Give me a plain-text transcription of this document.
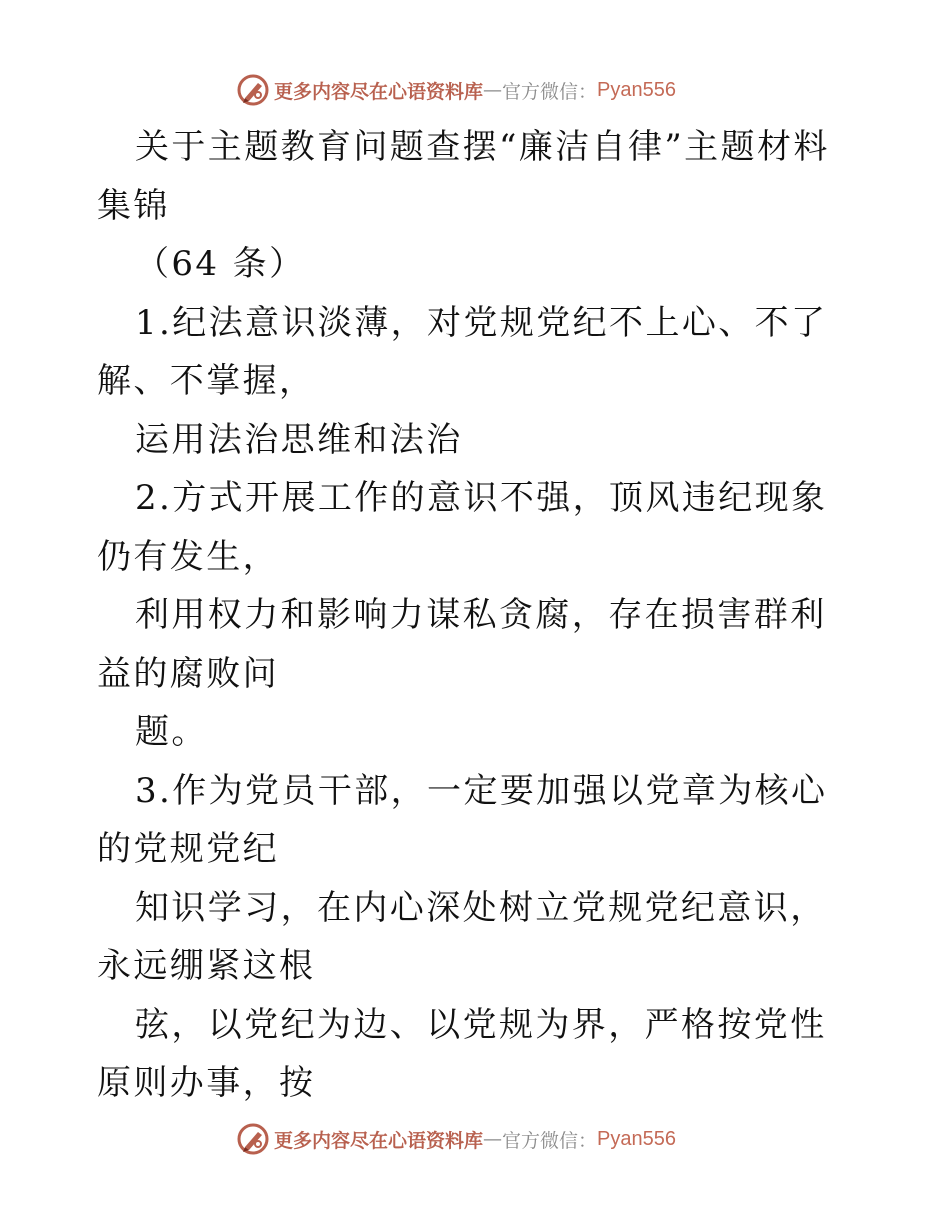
更多内容尽在心语资料库 — 官方微信： Pyan556

关于主题教育问题查摆“廉洁自律”主题材料集锦

（64 条）

1.纪法意识淡薄，对党规党纪不上心、不了解、不掌握，

运用法治思维和法治

2.方式开展工作的意识不强，顶风违纪现象仍有发生，

利用权力和影响力谋私贪腐，存在损害群利益的腐败问

题。

3.作为党员干部，一定要加强以党章为核心的党规党纪

知识学习，在内心深处树立党规党纪意识，永远绷紧这根

弦，以党纪为边、以党规为界，严格按党性原则办事，按

更多内容尽在心语资料库 — 官方微信： Pyan556
